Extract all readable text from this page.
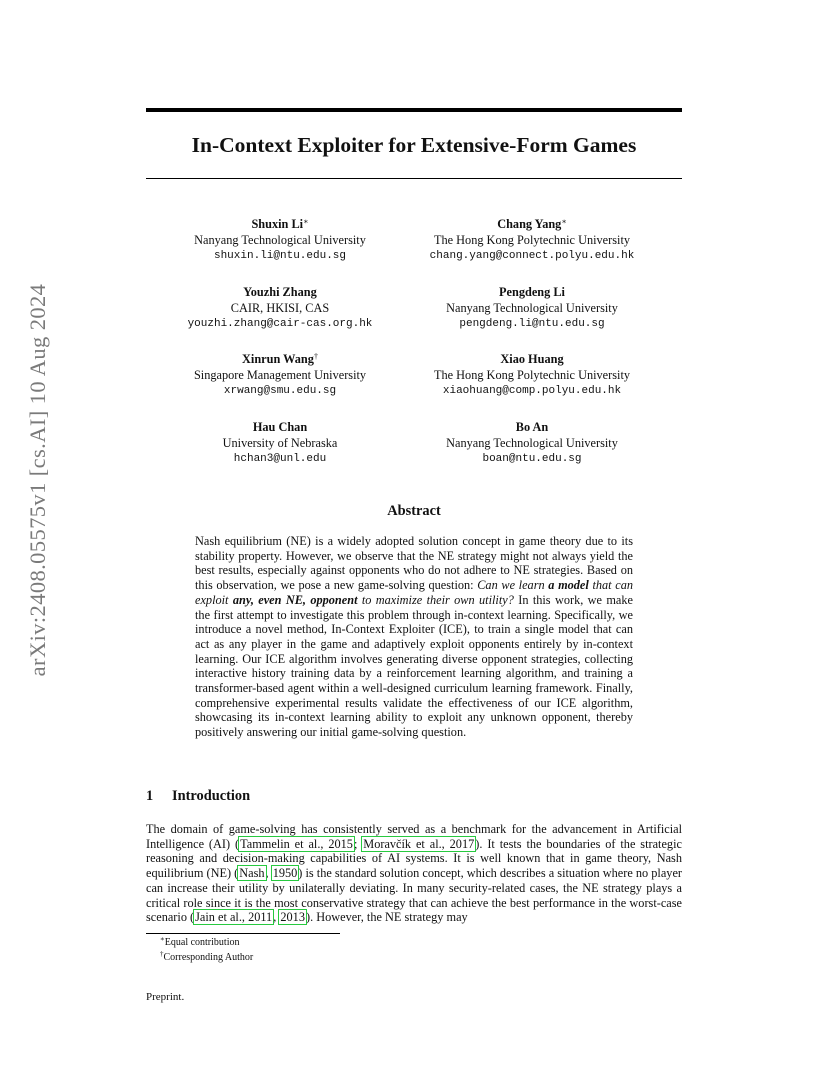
arXiv:2408.05575v1 [cs.AI] 10 Aug 2024
In-Context Exploiter for Extensive-Form Games
Shuxin Li∗
Nanyang Technological University
shuxin.li@ntu.edu.sg
Chang Yang∗
The Hong Kong Polytechnic University
chang.yang@connect.polyu.edu.hk
Youzhi Zhang
CAIR, HKISI, CAS
youzhi.zhang@cair-cas.org.hk
Pengdeng Li
Nanyang Technological University
pengdeng.li@ntu.edu.sg
Xinrun Wang†
Singapore Management University
xrwang@smu.edu.sg
Xiao Huang
The Hong Kong Polytechnic University
xiaohuang@comp.polyu.edu.hk
Hau Chan
University of Nebraska
hchan3@unl.edu
Bo An
Nanyang Technological University
boan@ntu.edu.sg
Abstract
Nash equilibrium (NE) is a widely adopted solution concept in game theory due to its stability property. However, we observe that the NE strategy might not always yield the best results, especially against opponents who do not adhere to NE strategies. Based on this observation, we pose a new game-solving question: Can we learn a model that can exploit any, even NE, opponent to maximize their own utility? In this work, we make the first attempt to investigate this problem through in-context learning. Specifically, we introduce a novel method, In-Context Exploiter (ICE), to train a single model that can act as any player in the game and adaptively exploit opponents entirely by in-context learning. Our ICE algorithm involves generating diverse opponent strategies, collecting interactive history training data by a reinforcement learning algorithm, and training a transformer-based agent within a well-designed curriculum learning framework. Finally, comprehensive experimental results validate the effectiveness of our ICE algorithm, showcasing its in-context learning ability to exploit any unknown opponent, thereby positively answering our initial game-solving question.
1 Introduction
The domain of game-solving has consistently served as a benchmark for the advancement in Artificial Intelligence (AI) (Tammelin et al., 2015; Moravčík et al., 2017). It tests the boundaries of the strategic reasoning and decision-making capabilities of AI systems. It is well known that in game theory, Nash equilibrium (NE) (Nash, 1950) is the standard solution concept, which describes a situation where no player can increase their utility by unilaterally deviating. In many security-related cases, the NE strategy plays a critical role since it is the most conservative strategy that can achieve the best performance in the worst-case scenario (Jain et al., 2011, 2013). However, the NE strategy may
∗Equal contribution
†Corresponding Author
Preprint.
